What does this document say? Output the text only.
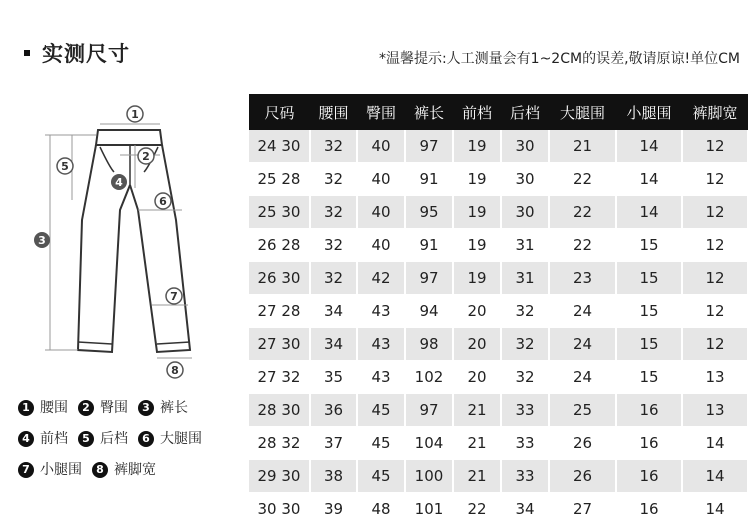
实测尺寸	*温馨提示:人工测量会有1~2CM的误差,敬请原谅!单位CM
1
2
3
4
5
6
7
8
1 腰围	2 臀围	3 裤长
4 前档	5 后档	6 大腿围
7 小腿围	8 裤脚宽
尺码	腰围	臀围	裤长	前档	后档	大腿围	小腿围	裤脚宽
24 30	32	40	97	19	30	21	14	12
25 28	32	40	91	19	30	22	14	12
25 30	32	40	95	19	30	22	14	12
26 28	32	40	91	19	31	22	15	12
26 30	32	42	97	19	31	23	15	12
27 28	34	43	94	20	32	24	15	12
27 30	34	43	98	20	32	24	15	12
27 32	35	43	102	20	32	24	15	13
28 30	36	45	97	21	33	25	16	13
28 32	37	45	104	21	33	26	16	14
29 30	38	45	100	21	33	26	16	14
30 30	39	48	101	22	34	27	16	14
